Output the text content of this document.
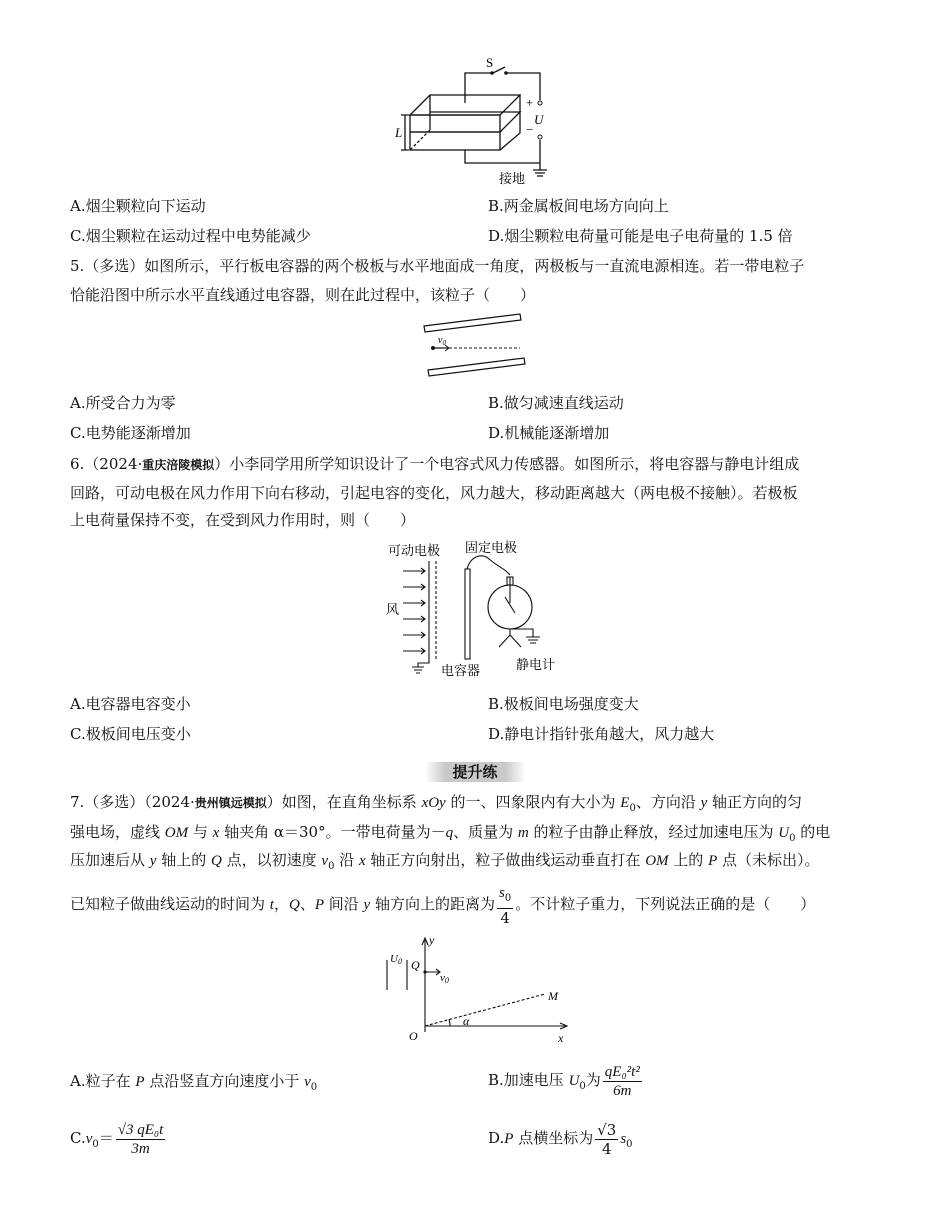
S
+
U
−
L
接地
A.烟尘颗粒向下运动	B.两金属板间电场方向向上
C.烟尘颗粒在运动过程中电势能减少	D.烟尘颗粒电荷量可能是电子电荷量的 1.5 倍
5.（多选）如图所示，平行板电容器的两个极板与水平地面成一角度，两极板与一直流电源相连。若一带电粒子
恰能沿图中所示水平直线通过电容器，则在此过程中，该粒子（　　）
$v_0$
A.所受合力为零	B.做匀减速直线运动
C.电势能逐渐增加	D.机械能逐渐增加
6.（2024·重庆涪陵模拟）小李同学用所学知识设计了一个电容式风力传感器。如图所示，将电容器与静电计组成
回路，可动电极在风力作用下向右移动，引起电容的变化，风力越大，移动距离越大（两电极不接触）。若极板
上电荷量保持不变，在受到风力作用时，则（　　）
可动电极 固定电极
风
电容器	静电计
A.电容器电容变小	B.极板间电场强度变大
C.极板间电压变小	D.静电计指针张角越大，风力越大
提升练
7.（多选）（2024·贵州镇远模拟）如图，在直角坐标系 xOy 的一、四象限内有大小为 $E_0$、方向沿 y 轴正方向的匀
强电场，虚线 OM 与 x 轴夹角 α＝30°。一带电荷量为－q、质量为 m 的粒子由静止释放，经过加速电压为 $U_0$ 的电
压加速后从 y 轴上的 Q 点，以初速度 $v_0$ 沿 x 轴正方向射出，粒子做曲线运动垂直打在 OM 上的 P 点（未标出）。
已知粒子做曲线运动的时间为 t，Q、P 间沿 y 轴方向上的距离为 $\frac{s_0}{4}$ 。不计粒子重力，下列说法正确的是（　　）
y
x
O
M
α
Q
U0
v0
A.粒子在 P 点沿竖直方向速度小于 $v_0$	B.加速电压 $U_0$为 $\frac{\text{qE₀²t²}}{6m}$
$C.v_0= \frac{\text{√3 qE₀t}}{3m}$	D.P 点横坐标为 $\frac{√3}{4} s_0$
